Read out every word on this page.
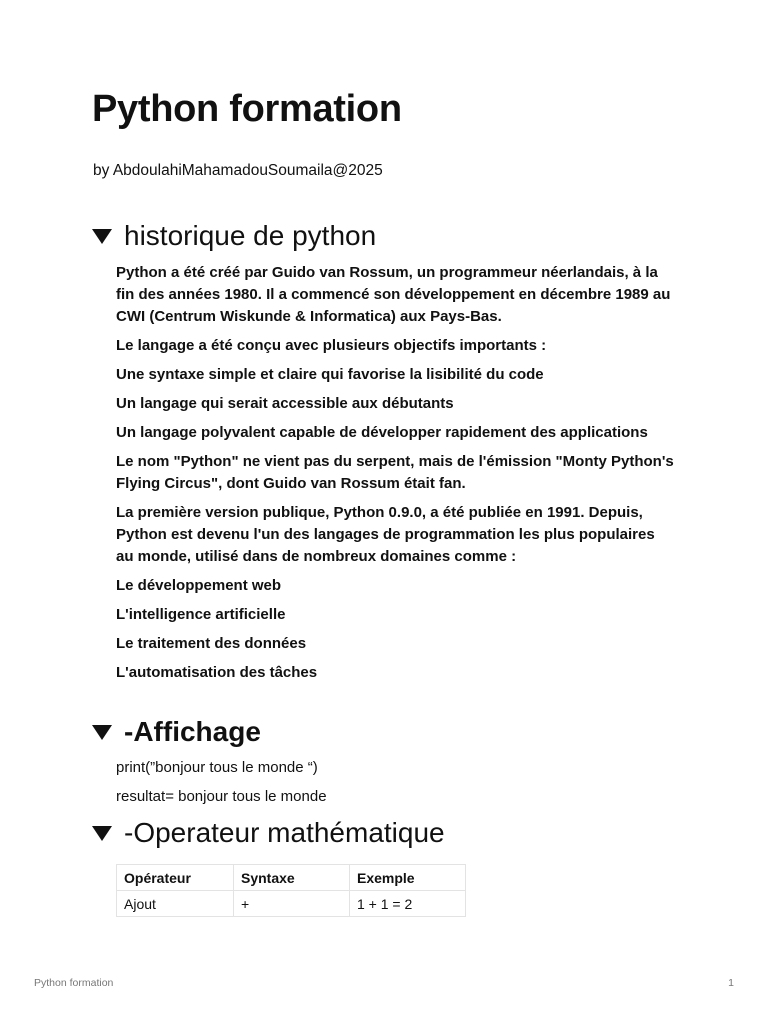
Python formation
by AbdoulahiMahamadouSoumaila@2025
historique de python

Python a été créé par Guido van Rossum, un programmeur néerlandais, à la fin des années 1980. Il a commencé son développement en décembre 1989 au CWI (Centrum Wiskunde & Informatica) aux Pays-Bas.

Le langage a été conçu avec plusieurs objectifs importants :

Une syntaxe simple et claire qui favorise la lisibilité du code

Un langage qui serait accessible aux débutants

Un langage polyvalent capable de développer rapidement des applications

Le nom "Python" ne vient pas du serpent, mais de l'émission "Monty Python's Flying Circus", dont Guido van Rossum était fan.

La première version publique, Python 0.9.0, a été publiée en 1991. Depuis, Python est devenu l'un des langages de programmation les plus populaires au monde, utilisé dans de nombreux domaines comme :

Le développement web

L'intelligence artificielle

Le traitement des données

L'automatisation des tâches

-Affichage

print(”bonjour tous le monde “)

resultat= bonjour tous le monde

-Operateur mathématique
Opérateur	Syntaxe	Exemple
Ajout	+	1 + 1 = 2
Python formation	1
